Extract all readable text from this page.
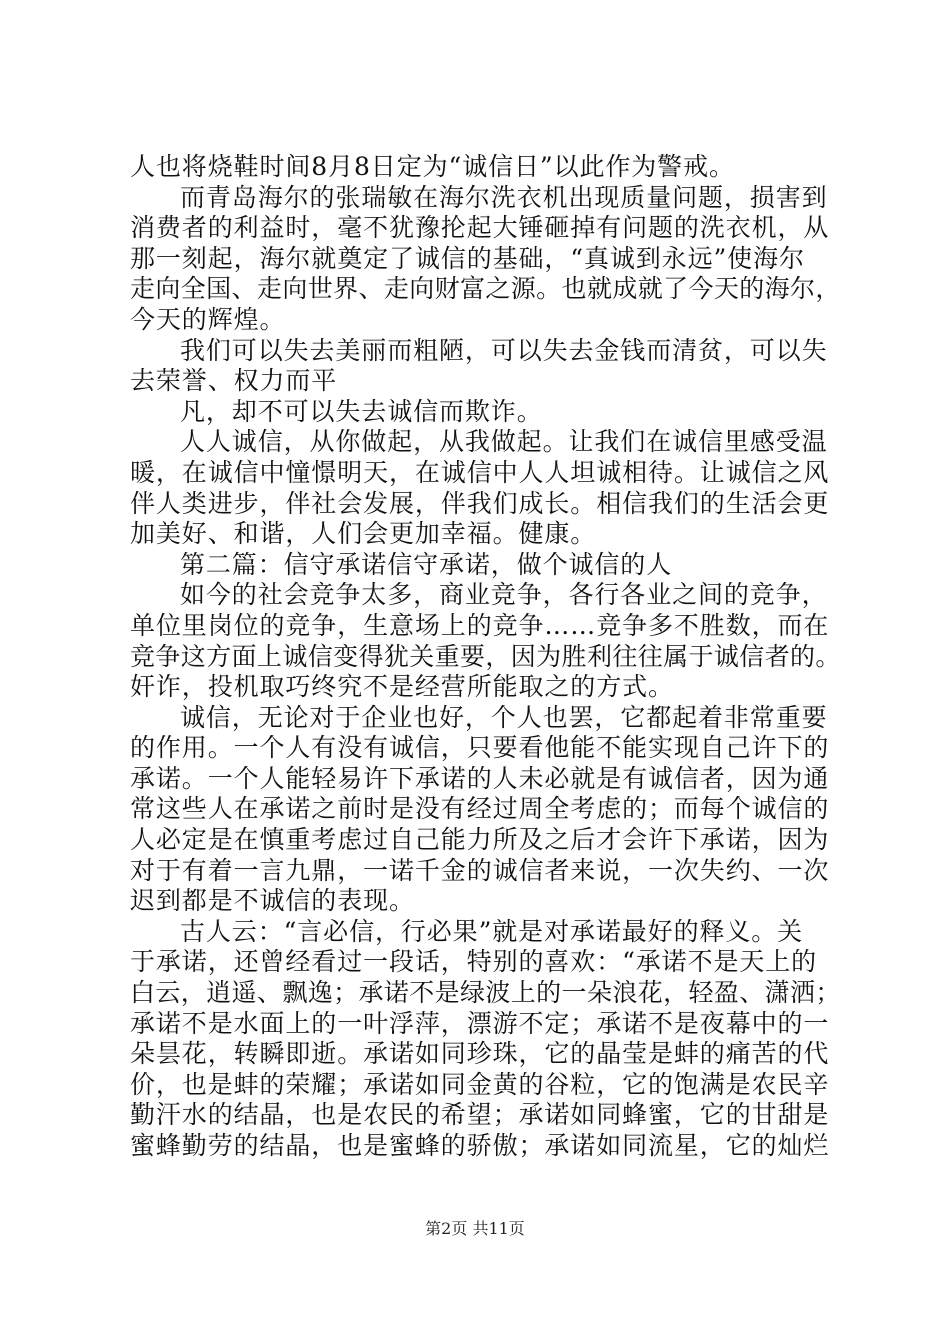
人也将烧鞋时间8月8日定为“诚信日”以此作为警戒。
而青岛海尔的张瑞敏在海尔洗衣机出现质量问题，损害到
消费者的利益时，毫不犹豫抡起大锤砸掉有问题的洗衣机，从
那一刻起，海尔就奠定了诚信的基础，“真诚到永远”使海尔
走向全国、走向世界、走向财富之源。也就成就了今天的海尔，
今天的辉煌。
我们可以失去美丽而粗陋，可以失去金钱而清贫，可以失
去荣誉、权力而平
凡，却不可以失去诚信而欺诈。
人人诚信，从你做起，从我做起。让我们在诚信里感受温
暖，在诚信中憧憬明天，在诚信中人人坦诚相待。让诚信之风
伴人类进步，伴社会发展，伴我们成长。相信我们的生活会更
加美好、和谐，人们会更加幸福。健康。
第二篇：信守承诺信守承诺，做个诚信的人
如今的社会竞争太多，商业竞争，各行各业之间的竞争，
单位里岗位的竞争，生意场上的竞争……竞争多不胜数，而在
竞争这方面上诚信变得犹关重要，因为胜利往往属于诚信者的。
奸诈，投机取巧终究不是经营所能取之的方式。
诚信，无论对于企业也好，个人也罢，它都起着非常重要
的作用。一个人有没有诚信，只要看他能不能实现自己许下的
承诺。一个人能轻易许下承诺的人未必就是有诚信者，因为通
常这些人在承诺之前时是没有经过周全考虑的；而每个诚信的
人必定是在慎重考虑过自己能力所及之后才会许下承诺，因为
对于有着一言九鼎，一诺千金的诚信者来说，一次失约、一次
迟到都是不诚信的表现。
古人云：“言必信，行必果”就是对承诺最好的释义。关
于承诺，还曾经看过一段话，特别的喜欢：“承诺不是天上的
白云，逍遥、飘逸；承诺不是绿波上的一朵浪花，轻盈、潇洒；
承诺不是水面上的一叶浮萍，漂游不定；承诺不是夜幕中的一
朵昙花，转瞬即逝。承诺如同珍珠，它的晶莹是蚌的痛苦的代
价，也是蚌的荣耀；承诺如同金黄的谷粒，它的饱满是农民辛
勤汗水的结晶，也是农民的希望；承诺如同蜂蜜，它的甘甜是
蜜蜂勤劳的结晶，也是蜜蜂的骄傲；承诺如同流星，它的灿烂
第2页 共11页
